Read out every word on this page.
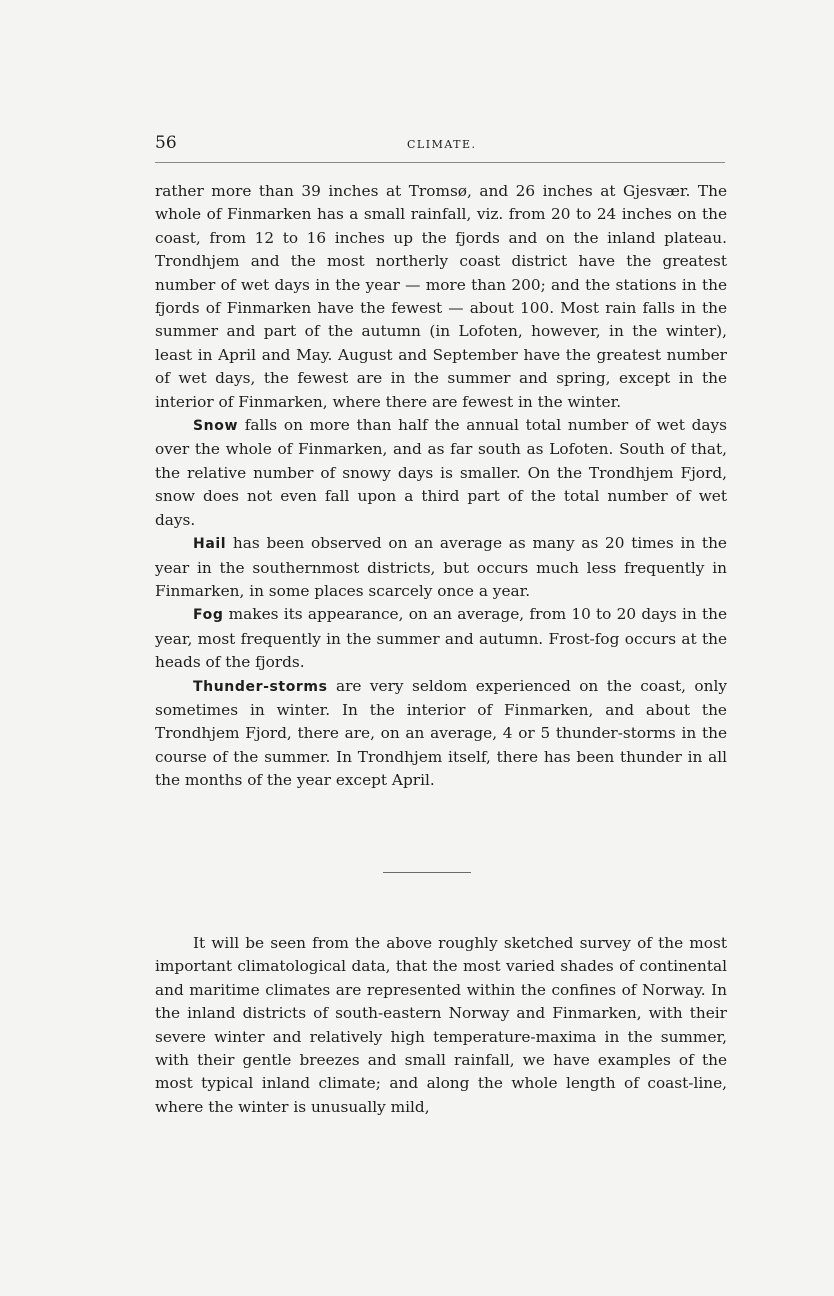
56	CLIMATE.

rather more than 39 inches at Tromsø, and 26 inches at Gjesvær. The whole of Finmarken has a small rainfall, viz. from 20 to 24 inches on the coast, from 12 to 16 inches up the fjords and on the inland plateau. Trondhjem and the most northerly coast district have the greatest number of wet days in the year — more than 200; and the stations in the fjords of Finmarken have the fewest — about 100. Most rain falls in the summer and part of the autumn (in Lofoten, however, in the winter), least in April and May. August and September have the greatest number of wet days, the fewest are in the summer and spring, except in the interior of Finmarken, where there are fewest in the winter.

Snow falls on more than half the annual total number of wet days over the whole of Finmarken, and as far south as Lofoten. South of that, the relative number of snowy days is smaller. On the Trondhjem Fjord, snow does not even fall upon a third part of the total number of wet days.

Hail has been observed on an average as many as 20 times in the year in the southernmost districts, but occurs much less frequently in Finmarken, in some places scarcely once a year.

Fog makes its appearance, on an average, from 10 to 20 days in the year, most frequently in the summer and autumn. Frost-fog occurs at the heads of the fjords.

Thunder-storms are very seldom experienced on the coast, only sometimes in winter. In the interior of Finmarken, and about the Trondhjem Fjord, there are, on an average, 4 or 5 thunder-storms in the course of the summer. In Trondhjem itself, there has been thunder in all the months of the year except April.

It will be seen from the above roughly sketched survey of the most important climatological data, that the most varied shades of continental and maritime climates are represented within the confines of Norway. In the inland districts of south-eastern Norway and Finmarken, with their severe winter and relatively high temperature-maxima in the summer, with their gentle breezes and small rainfall, we have examples of the most typical inland climate; and along the whole length of coast-line, where the winter is unusually mild,
